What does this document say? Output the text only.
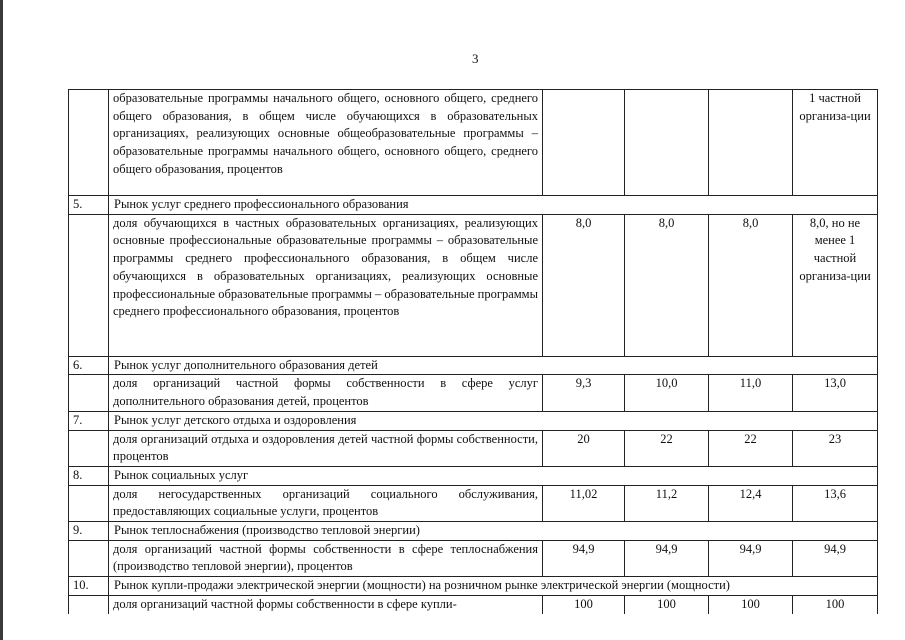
3
	образовательные программы начального общего, основного общего, среднего общего образования, в общем числе обучающихся в образовательных организациях, реализующих основные общеобразовательные программы – образовательные программы начального общего, основного общего, среднего общего образования, процентов				1 частной организа-ции
5.	Рынок услуг среднего профессионального образования				
	доля обучающихся в частных образовательных организациях, реализующих основные профессиональные образовательные программы – образовательные программы среднего профессионального образования, в общем числе обучающихся в образовательных организациях, реализующих основные профессиональные образовательные программы – образовательные программы среднего профессионального образования, процентов	8,0	8,0	8,0	8,0, но не менее 1 частной организа-ции
6.	Рынок услуг дополнительного образования детей				
	доля организаций частной формы собственности в сфере услуг дополнительного образования детей, процентов	9,3	10,0	11,0	13,0
7.	Рынок услуг детского отдыха и оздоровления				
	доля организаций отдыха и оздоровления детей частной формы собственности, процентов	20	22	22	23
8.	Рынок социальных услуг				
	доля негосударственных организаций социального обслуживания, предоставляющих социальные услуги, процентов	11,02	11,2	12,4	13,6
9.	Рынок теплоснабжения (производство тепловой энергии)				
	доля организаций частной формы собственности в сфере теплоснабжения (производство тепловой энергии), процентов	94,9	94,9	94,9	94,9
10.	Рынок купли-продажи электрической энергии (мощности) на розничном рынке электрической энергии (мощности)				
	доля организаций частной формы собственности в сфере купли-	100	100	100	100
